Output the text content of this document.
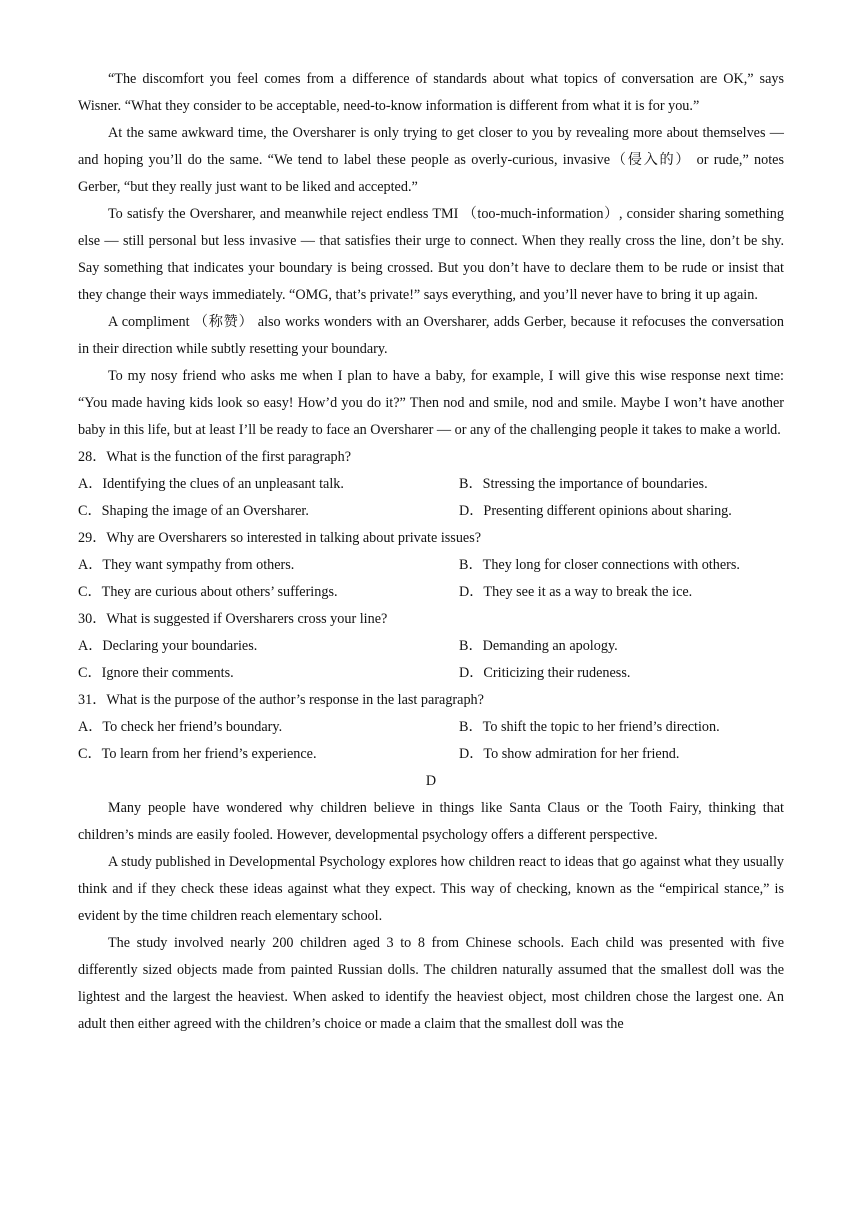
“The discomfort you feel comes from a difference of standards about what topics of conversation are OK,” says Wisner. “What they consider to be acceptable, need-to-know information is different from what it is for you.”

At the same awkward time, the Oversharer is only trying to get closer to you by revealing more about themselves — and hoping you’ll do the same. “We tend to label these people as overly-curious, invasive（侵入的） or rude,” notes Gerber, “but they really just want to be liked and accepted.”

To satisfy the Oversharer, and meanwhile reject endless TMI （too-much-information）, consider sharing something else — still personal but less invasive — that satisfies their urge to connect. When they really cross the line, don’t be shy. Say something that indicates your boundary is being crossed. But you don’t have to declare them to be rude or insist that they change their ways immediately. “OMG, that’s private!” says everything, and you’ll never have to bring it up again.

A compliment （称赞） also works wonders with an Oversharer, adds Gerber, because it refocuses the conversation in their direction while subtly resetting your boundary.

To my nosy friend who asks me when I plan to have a baby, for example, I will give this wise response next time: “You made having kids look so easy! How’d you do it?” Then nod and smile, nod and smile. Maybe I won’t have another baby in this life, but at least I’ll be ready to face an Oversharer — or any of the challenging people it takes to make a world.

28．What is the function of the first paragraph?

A．Identifying the clues of an unpleasant talk.	B．Stressing the importance of boundaries.
C．Shaping the image of an Oversharer.	D．Presenting different opinions about sharing.

29．Why are Oversharers so interested in talking about private issues?

A．They want sympathy from others.	B．They long for closer connections with others.
C．They are curious about others’ sufferings.	D．They see it as a way to break the ice.

30．What is suggested if Oversharers cross your line?

A．Declaring your boundaries.	B．Demanding an apology.
C．Ignore their comments.	D．Criticizing their rudeness.

31．What is the purpose of the author’s response in the last paragraph?

A．To check her friend’s boundary.	B．To shift the topic to her friend’s direction.
C．To learn from her friend’s experience.	D．To show admiration for her friend.

D

Many people have wondered why children believe in things like Santa Claus or the Tooth Fairy, thinking that children’s minds are easily fooled. However, developmental psychology offers a different perspective.

A study published in Developmental Psychology explores how children react to ideas that go against what they usually think and if they check these ideas against what they expect. This way of checking, known as the “empirical stance,” is evident by the time children reach elementary school.

The study involved nearly 200 children aged 3 to 8 from Chinese schools. Each child was presented with five differently sized objects made from painted Russian dolls. The children naturally assumed that the smallest doll was the lightest and the largest the heaviest. When asked to identify the heaviest object, most children chose the largest one. An adult then either agreed with the children’s choice or made a claim that the smallest doll was the
